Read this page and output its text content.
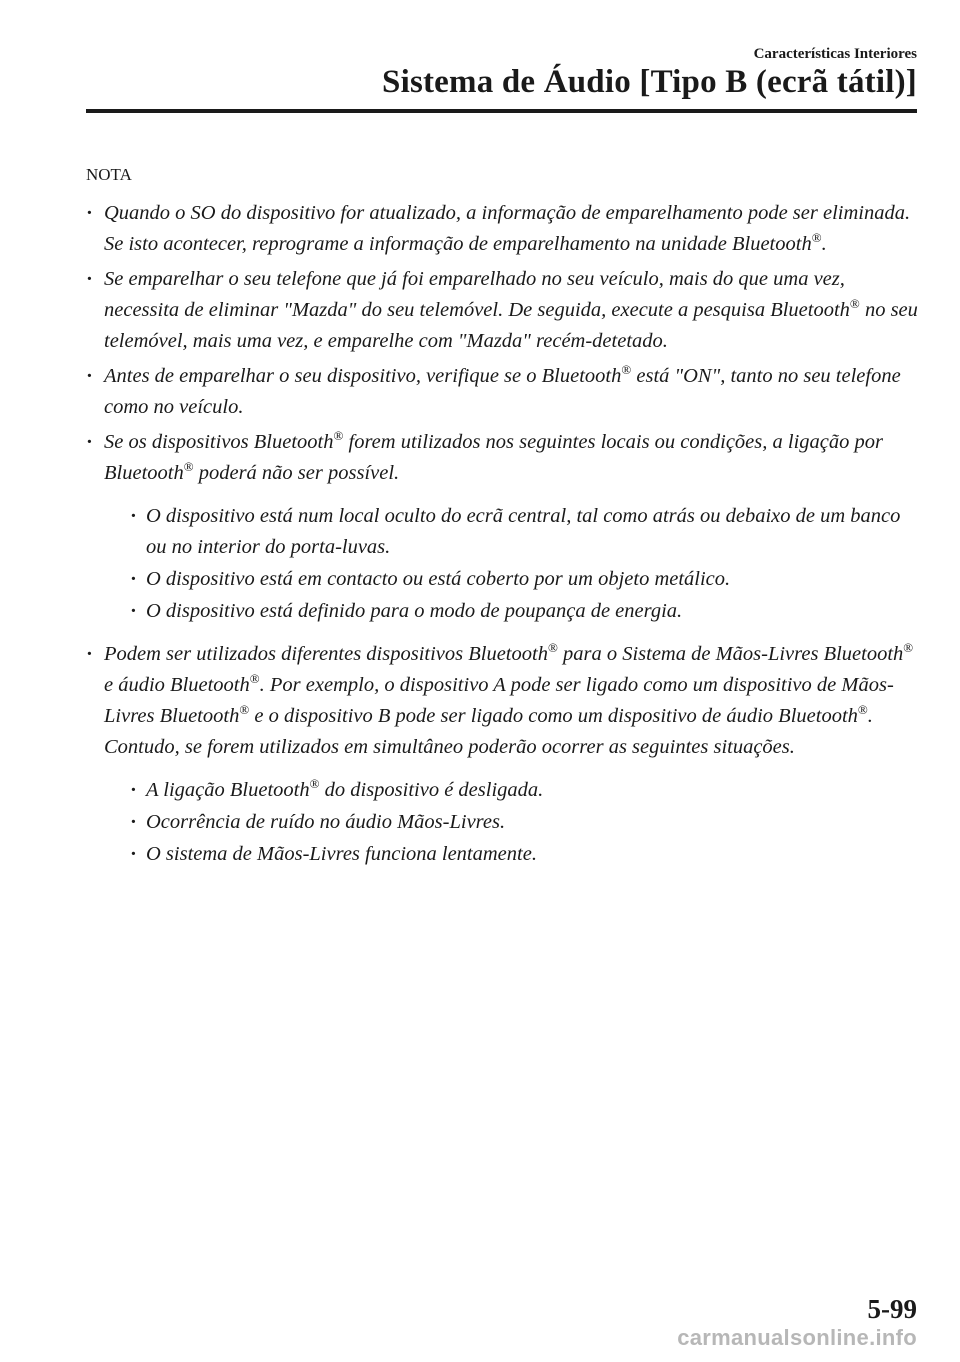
Características Interiores
Sistema de Áudio [Tipo B (ecrã tátil)]
NOTA
· Quando o SO do dispositivo for atualizado, a informação de emparelhamento pode ser eliminada. Se isto acontecer, reprograme a informação de emparelhamento na unidade Bluetooth®.
· Se emparelhar o seu telefone que já foi emparelhado no seu veículo, mais do que uma vez, necessita de eliminar "Mazda" do seu telemóvel. De seguida, execute a pesquisa Bluetooth® no seu telemóvel, mais uma vez, e emparelhe com "Mazda" recém-detetado.
· Antes de emparelhar o seu dispositivo, verifique se o Bluetooth® está "ON", tanto no seu telefone como no veículo.
· Se os dispositivos Bluetooth® forem utilizados nos seguintes locais ou condições, a ligação por Bluetooth® poderá não ser possível.
· O dispositivo está num local oculto do ecrã central, tal como atrás ou debaixo de um banco ou no interior do porta-luvas.
· O dispositivo está em contacto ou está coberto por um objeto metálico.
· O dispositivo está definido para o modo de poupança de energia.
· Podem ser utilizados diferentes dispositivos Bluetooth® para o Sistema de Mãos-Livres Bluetooth® e áudio Bluetooth®. Por exemplo, o dispositivo A pode ser ligado como um dispositivo de Mãos-Livres Bluetooth® e o dispositivo B pode ser ligado como um dispositivo de áudio Bluetooth®. Contudo, se forem utilizados em simultâneo poderão ocorrer as seguintes situações.
· A ligação Bluetooth® do dispositivo é desligada.
· Ocorrência de ruído no áudio Mãos-Livres.
· O sistema de Mãos-Livres funciona lentamente.
5-99
carmanualsonline.info
